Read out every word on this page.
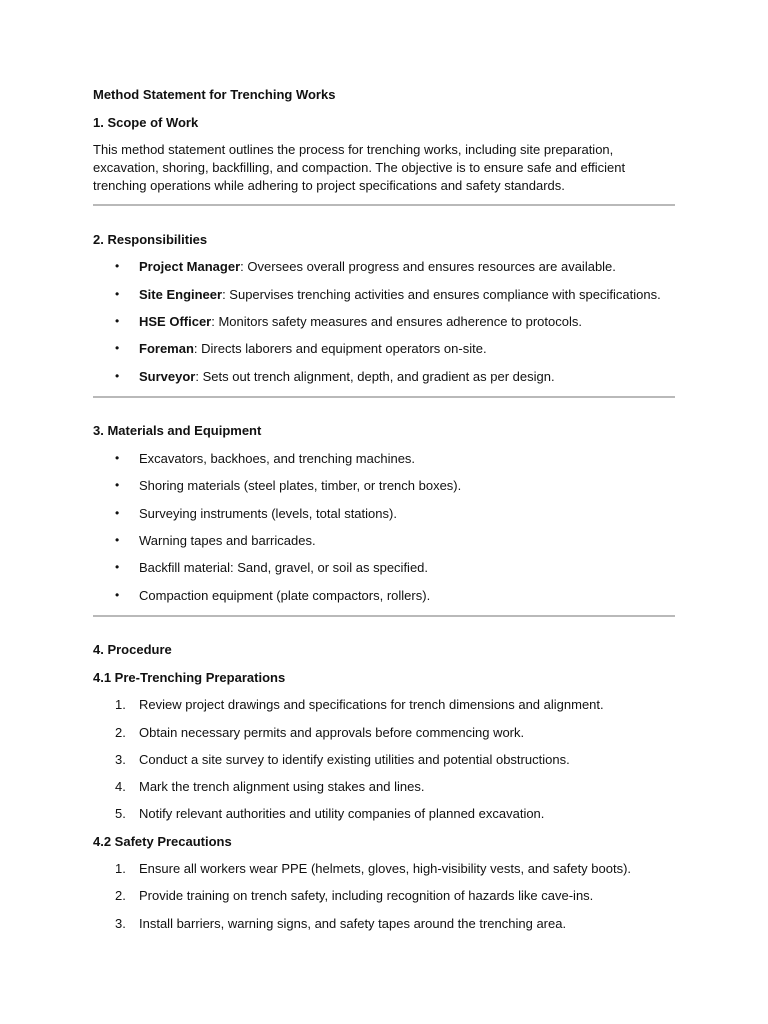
Method Statement for Trenching Works
1. Scope of Work
This method statement outlines the process for trenching works, including site preparation, excavation, shoring, backfilling, and compaction. The objective is to ensure safe and efficient trenching operations while adhering to project specifications and safety standards.
2. Responsibilities
• Project Manager: Oversees overall progress and ensures resources are available.
• Site Engineer: Supervises trenching activities and ensures compliance with specifications.
• HSE Officer: Monitors safety measures and ensures adherence to protocols.
• Foreman: Directs laborers and equipment operators on-site.
• Surveyor: Sets out trench alignment, depth, and gradient as per design.
3. Materials and Equipment
• Excavators, backhoes, and trenching machines.
• Shoring materials (steel plates, timber, or trench boxes).
• Surveying instruments (levels, total stations).
• Warning tapes and barricades.
• Backfill material: Sand, gravel, or soil as specified.
• Compaction equipment (plate compactors, rollers).
4. Procedure
4.1 Pre-Trenching Preparations
1. Review project drawings and specifications for trench dimensions and alignment.
2. Obtain necessary permits and approvals before commencing work.
3. Conduct a site survey to identify existing utilities and potential obstructions.
4. Mark the trench alignment using stakes and lines.
5. Notify relevant authorities and utility companies of planned excavation.
4.2 Safety Precautions
1. Ensure all workers wear PPE (helmets, gloves, high-visibility vests, and safety boots).
2. Provide training on trench safety, including recognition of hazards like cave-ins.
3. Install barriers, warning signs, and safety tapes around the trenching area.
